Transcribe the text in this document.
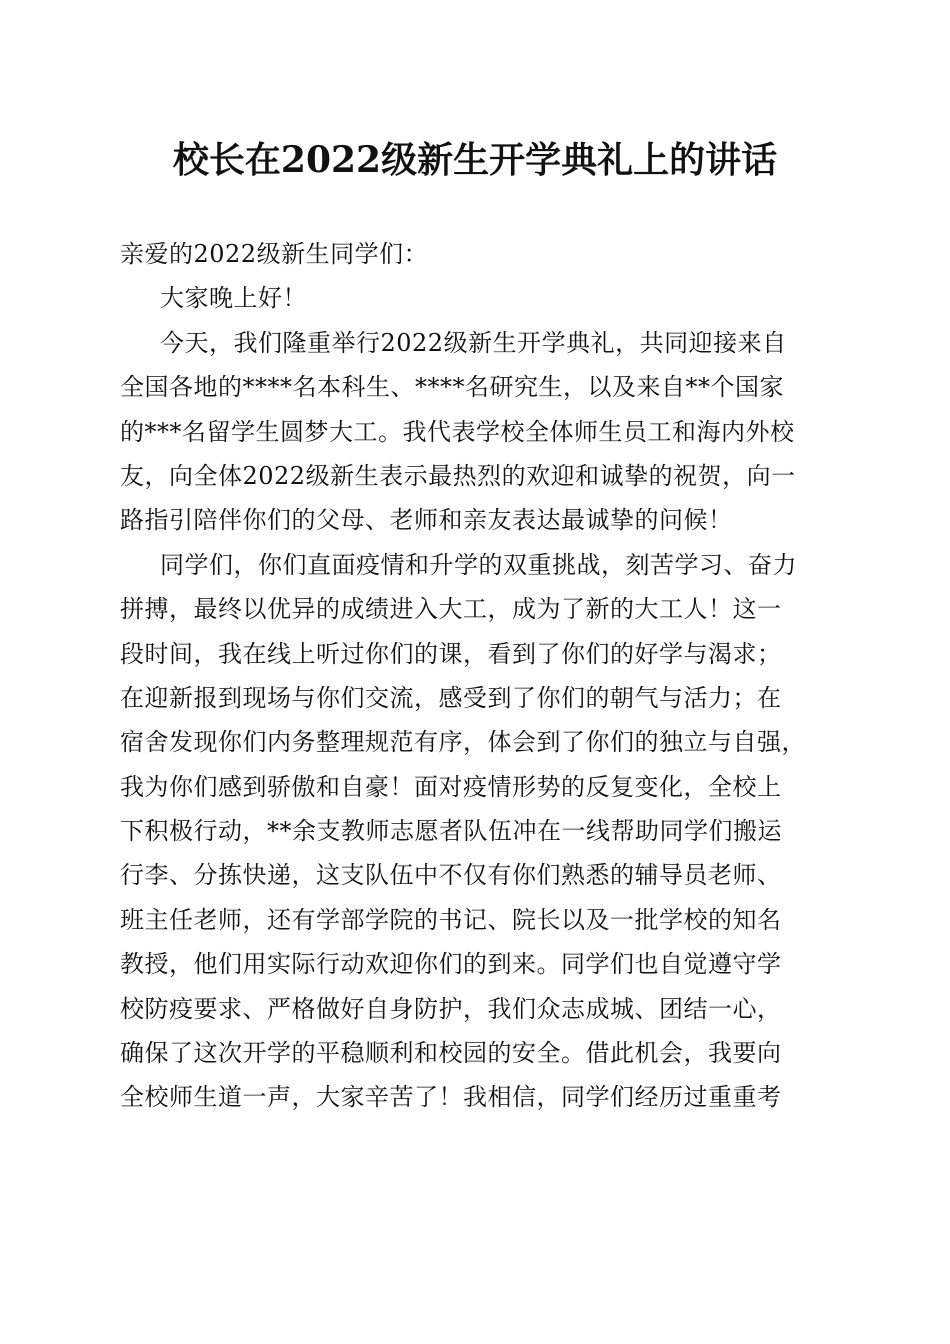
校长在2022级新生开学典礼上的讲话
亲爱的2022级新生同学们：
大家晚上好！
今天，我们隆重举行2022级新生开学典礼，共同迎接来自
全国各地的****名本科生、****名研究生，以及来自**个国家
的***名留学生圆梦大工。我代表学校全体师生员工和海内外校
友，向全体2022级新生表示最热烈的欢迎和诚挚的祝贺，向一
路指引陪伴你们的父母、老师和亲友表达最诚挚的问候！
同学们，你们直面疫情和升学的双重挑战，刻苦学习、奋力
拼搏，最终以优异的成绩进入大工，成为了新的大工人！这一
段时间，我在线上听过你们的课，看到了你们的好学与渴求；
在迎新报到现场与你们交流，感受到了你们的朝气与活力；在
宿舍发现你们内务整理规范有序，体会到了你们的独立与自强，
我为你们感到骄傲和自豪！面对疫情形势的反复变化，全校上
下积极行动，**余支教师志愿者队伍冲在一线帮助同学们搬运
行李、分拣快递，这支队伍中不仅有你们熟悉的辅导员老师、
班主任老师，还有学部学院的书记、院长以及一批学校的知名
教授，他们用实际行动欢迎你们的到来。同学们也自觉遵守学
校防疫要求、严格做好自身防护，我们众志成城、团结一心，
确保了这次开学的平稳顺利和校园的安全。借此机会，我要向
全校师生道一声，大家辛苦了！我相信，同学们经历过重重考
